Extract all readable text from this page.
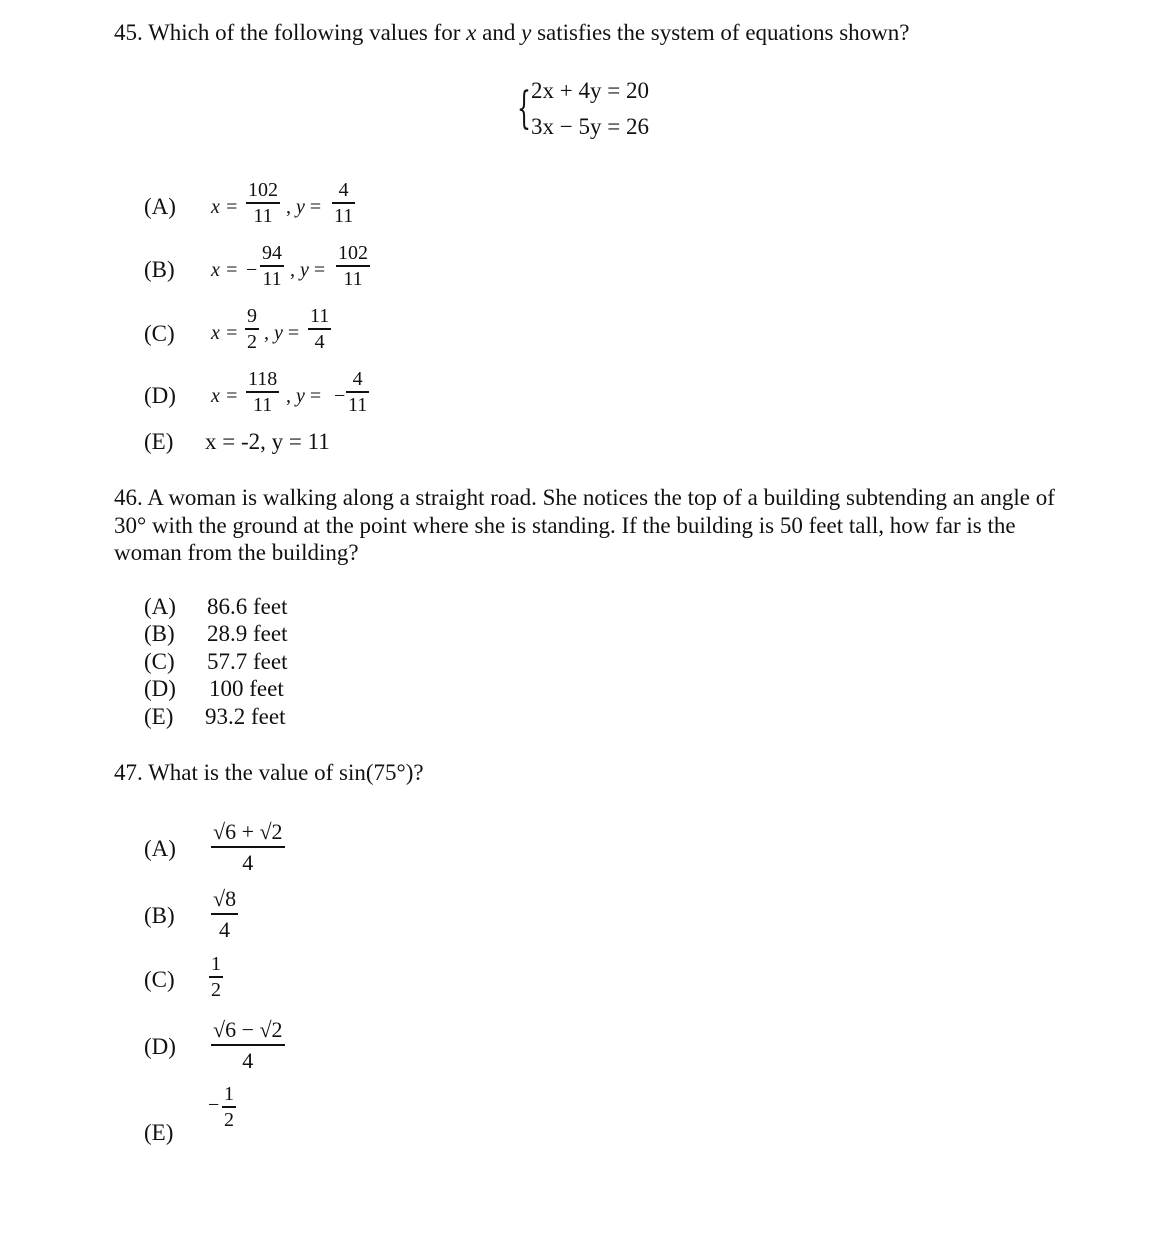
45. Which of the following values for x and y satisfies the system of equations shown?
{ 2x + 4y = 20
3x − 5y = 26
(A) x =
102
11 , y =
4
11
(B) x = −
94
11 , y =
102
11
(C) x =
9
2 , y =
11
4
(D) x =
118
11 , y = −
4
11
(E) x = -2, y = 11
46. A woman is walking along a straight road. She notices the top of a building subtending an angle of 30° with the ground at the point where she is standing. If the building is 50 feet tall, how far is the woman from the building?
(A) 86.6 feet
(B) 28.9 feet
(C) 57.7 feet
(D) 100 feet
(E) 93.2 feet
47. What is the value of sin(75°)?
(A)
√6 + √2
4
(B)
√8
4
(C)
1
2
(D)
√6 − √2
4
(E)
− 1
2
